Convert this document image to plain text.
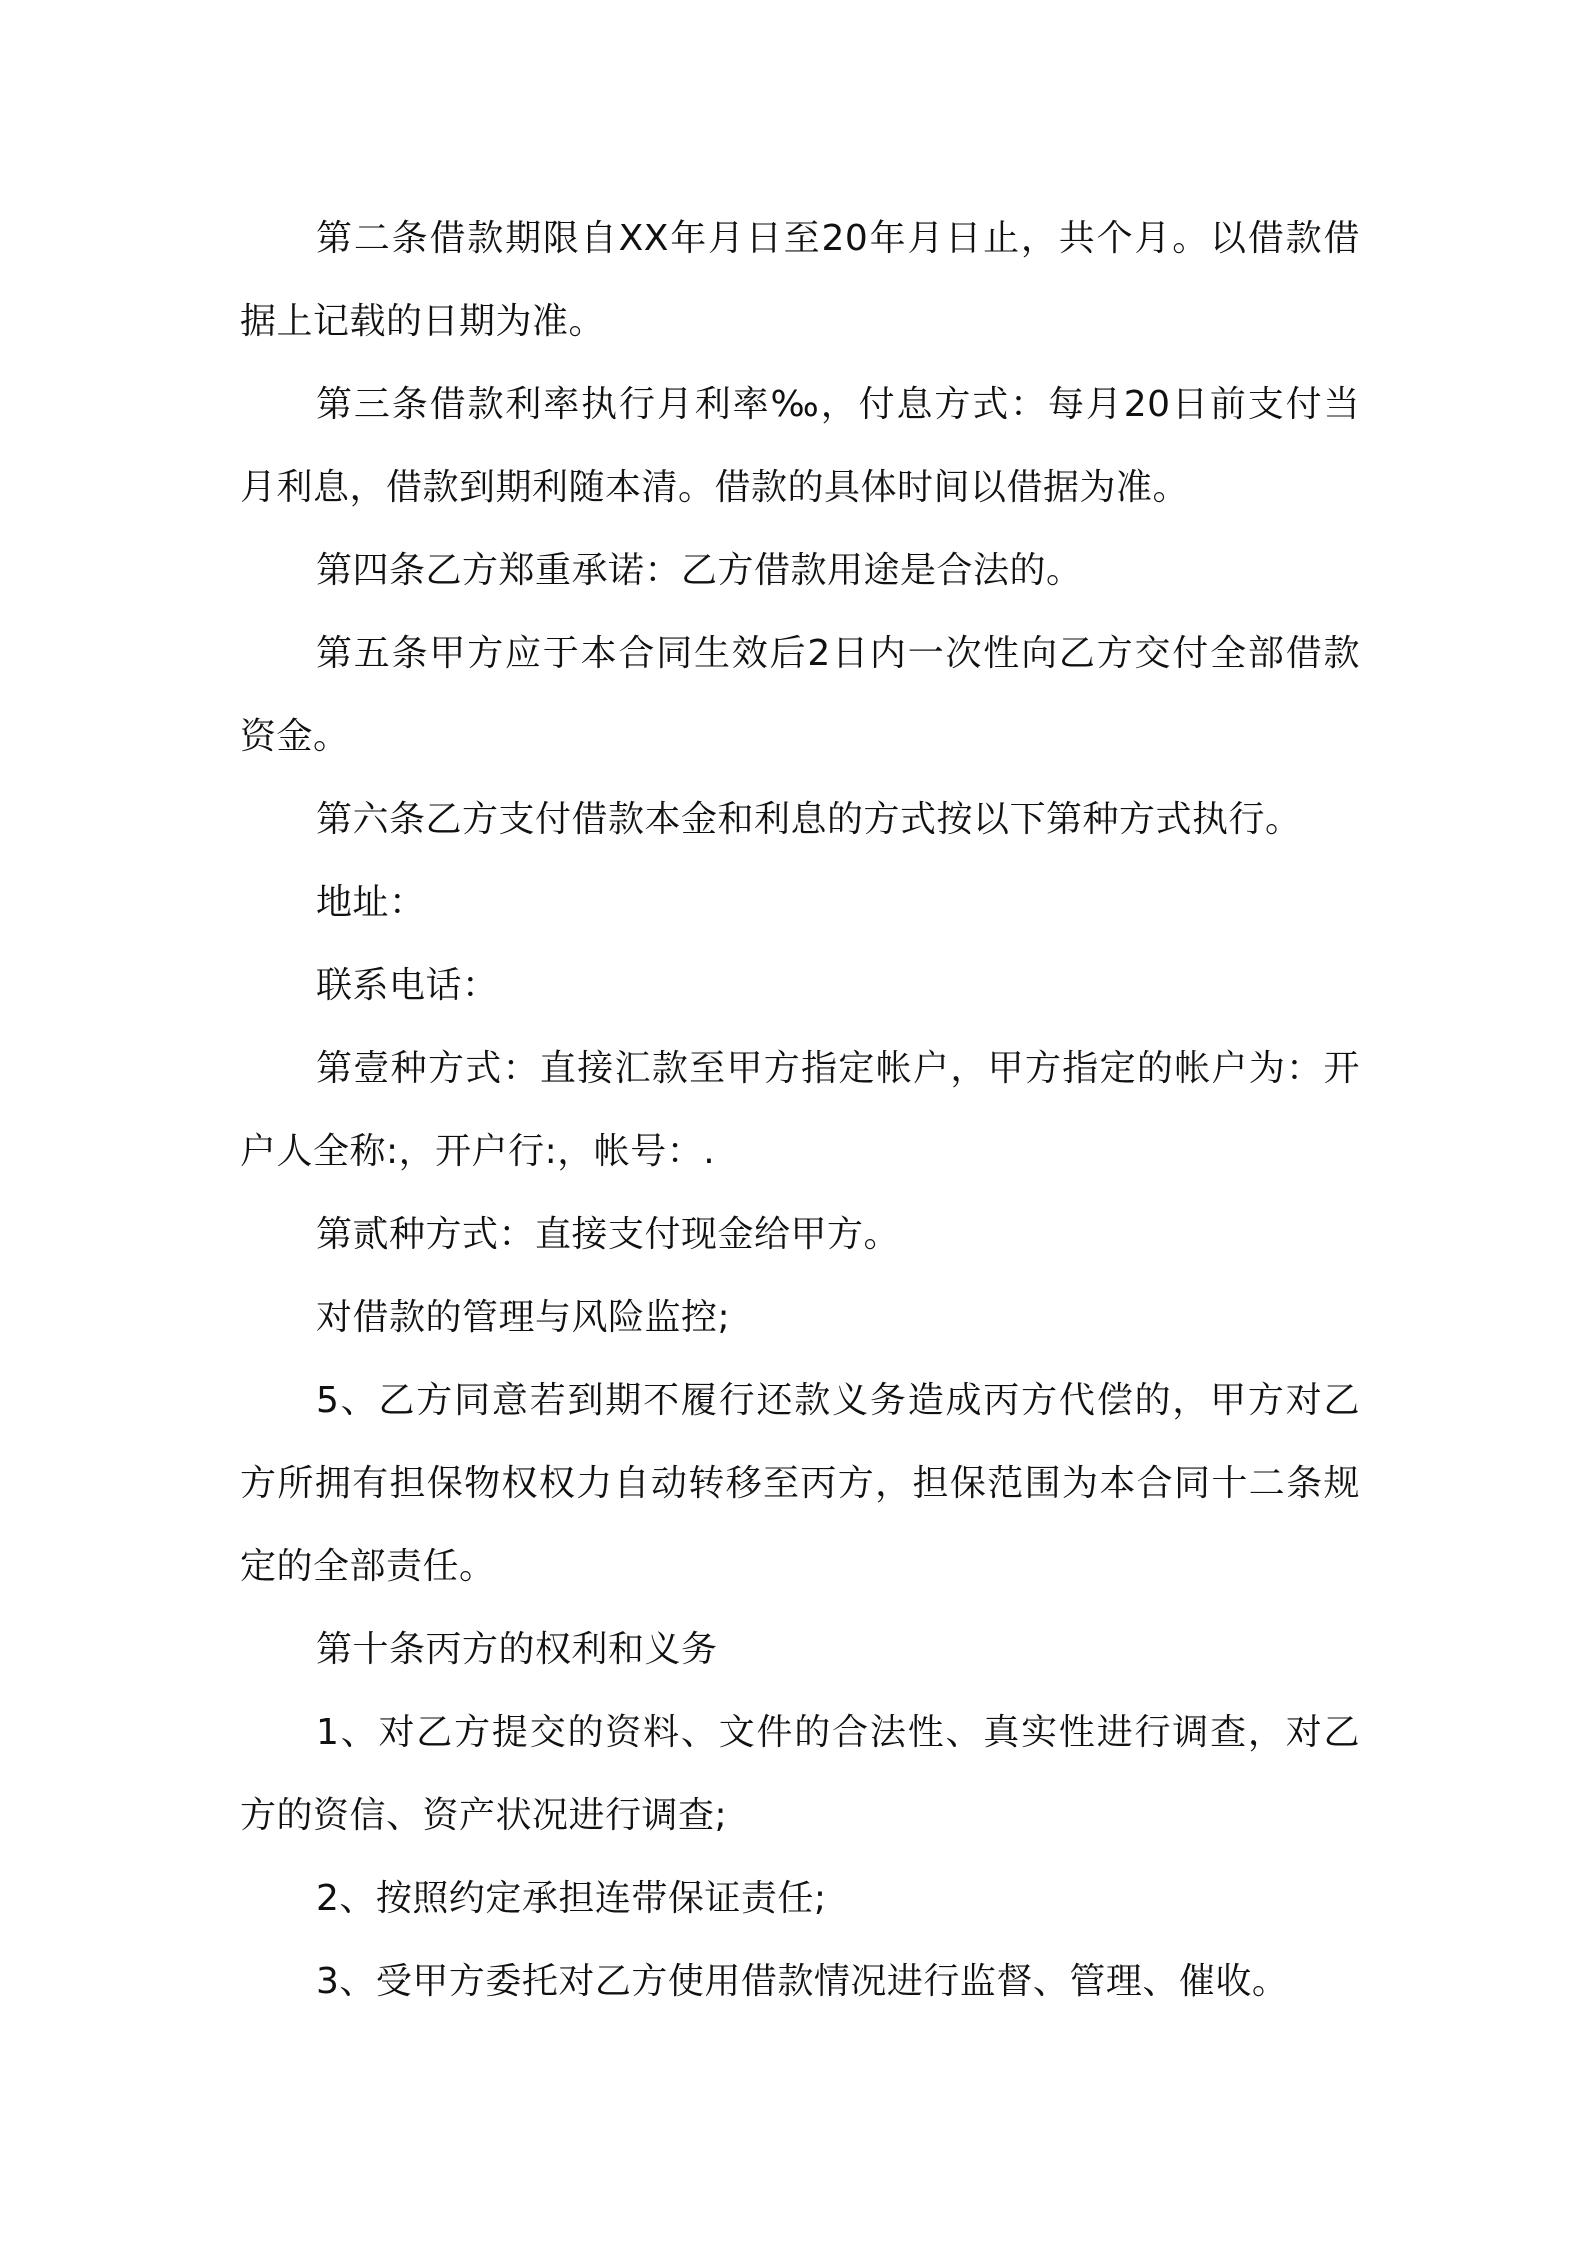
第二条借款期限自XX年月日至20年月日止，共个月。以借款借据上记载的日期为准。

第三条借款利率执行月利率‰，付息方式：每月20日前支付当月利息，借款到期利随本清。借款的具体时间以借据为准。

第四条乙方郑重承诺：乙方借款用途是合法的。

第五条甲方应于本合同生效后2日内一次性向乙方交付全部借款资金。

第六条乙方支付借款本金和利息的方式按以下第种方式执行。

地址：

联系电话：

第壹种方式：直接汇款至甲方指定帐户，甲方指定的帐户为：开户人全称:，开户行:，帐号：.

第贰种方式：直接支付现金给甲方。

对借款的管理与风险监控;

5、乙方同意若到期不履行还款义务造成丙方代偿的，甲方对乙方所拥有担保物权权力自动转移至丙方，担保范围为本合同十二条规定的全部责任。

第十条丙方的权利和义务

1、对乙方提交的资料、文件的合法性、真实性进行调查，对乙方的资信、资产状况进行调查;

2、按照约定承担连带保证责任;

3、受甲方委托对乙方使用借款情况进行监督、管理、催收。
